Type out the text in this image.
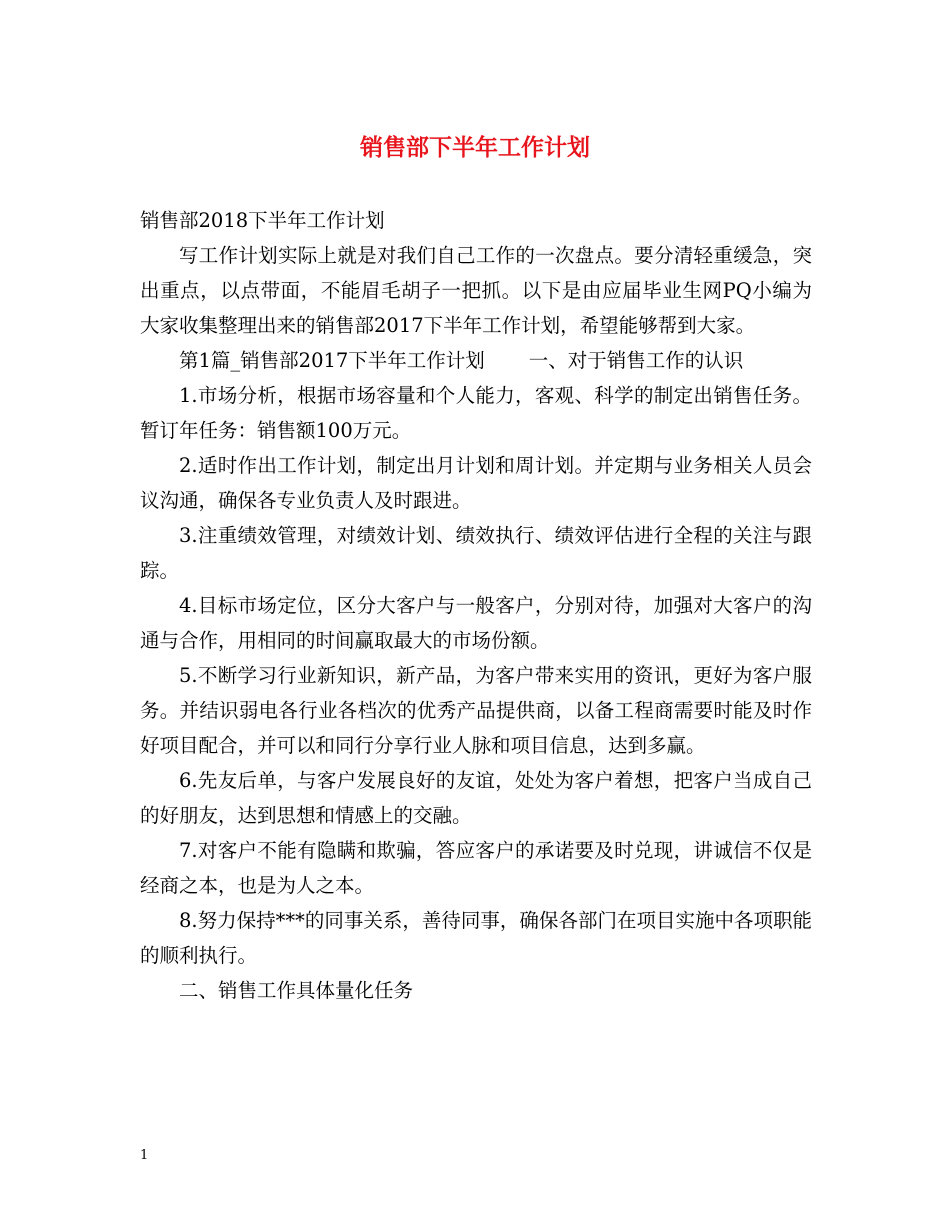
销售部下半年工作计划

销售部2018下半年工作计划

写工作计划实际上就是对我们自己工作的一次盘点。要分清轻重缓急，突出重点，以点带面，不能眉毛胡子一把抓。以下是由应届毕业生网PQ小编为大家收集整理出来的销售部2017下半年工作计划，希望能够帮到大家。

第1篇_销售部2017下半年工作计划 一、对于销售工作的认识

1.市场分析，根据市场容量和个人能力，客观、科学的制定出销售任务。暂订年任务：销售额100万元。

2.适时作出工作计划，制定出月计划和周计划。并定期与业务相关人员会议沟通，确保各专业负责人及时跟进。

3.注重绩效管理，对绩效计划、绩效执行、绩效评估进行全程的关注与跟踪。

4.目标市场定位，区分大客户与一般客户，分别对待，加强对大客户的沟通与合作，用相同的时间赢取最大的市场份额。

5.不断学习行业新知识，新产品，为客户带来实用的资讯，更好为客户服务。并结识弱电各行业各档次的优秀产品提供商，以备工程商需要时能及时作好项目配合，并可以和同行分享行业人脉和项目信息，达到多赢。

6.先友后单，与客户发展良好的友谊，处处为客户着想，把客户当成自己的好朋友，达到思想和情感上的交融。

7.对客户不能有隐瞒和欺骗，答应客户的承诺要及时兑现，讲诚信不仅是经商之本，也是为人之本。

8.努力保持***的同事关系，善待同事，确保各部门在项目实施中各项职能的顺利执行。

二、销售工作具体量化任务

1
